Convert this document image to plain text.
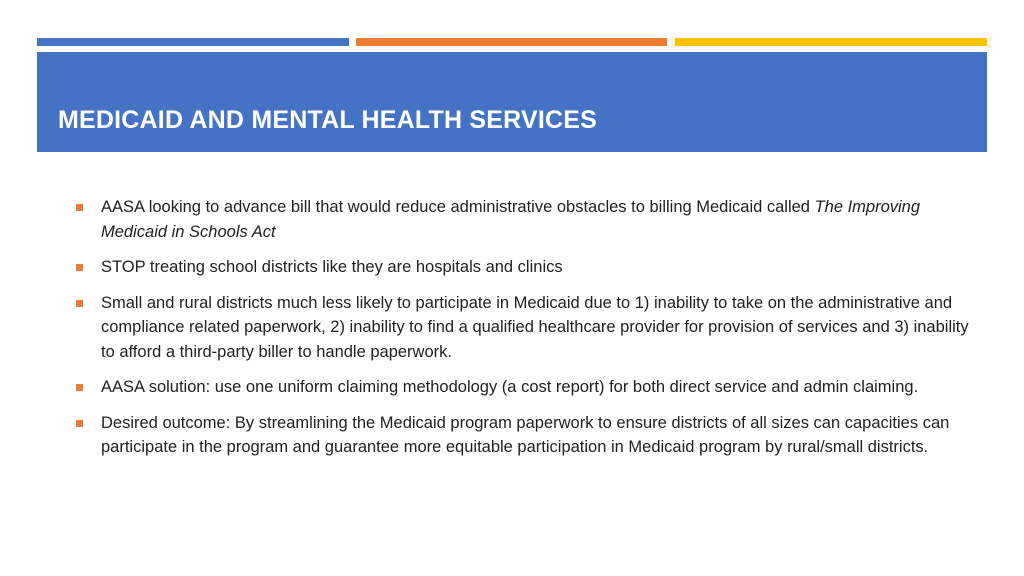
MEDICAID AND MENTAL HEALTH SERVICES
AASA looking to advance bill that would reduce administrative obstacles to billing Medicaid called The Improving Medicaid in Schools Act
STOP treating school districts like they are hospitals and clinics
Small and rural districts much less likely to participate in Medicaid due to 1) inability to take on the administrative and compliance related paperwork, 2) inability to find a qualified healthcare provider for provision of services and 3) inability to afford a third-party biller to handle paperwork.
AASA solution: use one uniform claiming methodology (a cost report) for both direct service and admin claiming.
Desired outcome: By streamlining the Medicaid program paperwork to ensure districts of all sizes can capacities can participate in the program and guarantee more equitable participation in Medicaid program by rural/small districts.
